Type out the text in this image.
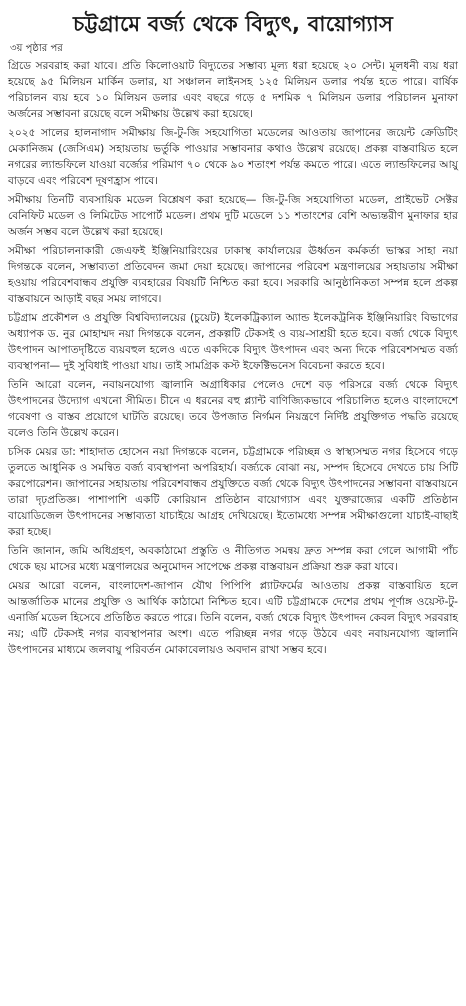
চট্টগ্রামে বর্জ্য থেকে বিদ্যুৎ, বায়োগ্যাস
৩য় পৃষ্ঠার পর

গ্রিডে সরবরাহ করা যাবে। প্রতি কিলোওয়াট বিদ্যুতের সম্ভাব্য মূল্য ধরা হয়েছে ২০ সেন্ট। মূলধনী ব্যয় ধরা হয়েছে ৯৫ মিলিয়ন মার্কিন ডলার, যা সঞ্চালন লাইনসহ ১২৫ মিলিয়ন ডলার পর্যন্ত হতে পারে। বার্ষিক পরিচালন ব্যয় হবে ১০ মিলিয়ন ডলার এবং বছরে গড়ে ৫ দশমিক ৭ মিলিয়ন ডলার পরিচালন মুনাফা অর্জনের সম্ভাবনা রয়েছে বলে সমীক্ষায় উল্লেখ করা হয়েছে।

২০২৫ সালের হালনাগাদ সমীক্ষায় জি-টু-জি সহযোগিতা মডেলের আওতায় জাপানের জয়েন্ট ক্রেডিটিং মেকানিজম (জেসিএম) সহায়তায় ভর্তুকি পাওয়ার সম্ভাবনার কথাও উল্লেখ রয়েছে। প্রকল্প বাস্তবায়িত হলে নগরের ল্যান্ডফিলে যাওয়া বর্জ্যের পরিমাণ ৭০ থেকে ৯০ শতাংশ পর্যন্ত কমতে পারে। এতে ল্যান্ডফিলের আয়ু বাড়বে এবং পরিবেশ দূষণহ্রাস পাবে।

সমীক্ষায় তিনটি ব্যবসায়িক মডেল বিশ্লেষণ করা হয়েছে— জি-টু-জি সহযোগিতা মডেল, প্রাইভেট সেক্টর বেনিফিট মডেল ও লিমিটেড সাপোর্ট মডেল। প্রথম দুটি মডেলে ১১ শতাংশের বেশি অভ্যন্তরীণ মুনাফার হার অর্জন সম্ভব বলে উল্লেখ করা হয়েছে।

সমীক্ষা পরিচালনাকারী জেএফই ইঞ্জিনিয়ারিংয়ের ঢাকাস্থ কার্যালয়ের ঊর্ধ্বতন কর্মকর্তা ভাস্কর সাহা নয়া দিগন্তকে বলেন, সম্ভাব্যতা প্রতিবেদন জমা দেয়া হয়েছে। জাপানের পরিবেশ মন্ত্রণালয়ের সহায়তায় সমীক্ষা হওয়ায় পরিবেশবান্ধব প্রযুক্তি ব্যবহারের বিষয়টি নিশ্চিত করা হবে। সরকারি আনুষ্ঠানিকতা সম্পন্ন হলে প্রকল্প বাস্তবায়নে আড়াই বছর সময় লাগবে।

চট্টগ্রাম প্রকৌশল ও প্রযুক্তি বিশ্ববিদ্যালয়ের (চুয়েট) ইলেকট্রিক্যাল অ্যান্ড ইলেকট্রনিক ইঞ্জিনিয়ারিং বিভাগের অধ্যাপক ড. নুর মোহাম্মদ নয়া দিগন্তকে বলেন, প্রকল্পটি টেকসই ও ব্যয়-সাশ্রয়ী হতে হবে। বর্জ্য থেকে বিদ্যুৎ উৎপাদন আপাতদৃষ্টিতে ব্যয়বহুল হলেও এতে একদিকে বিদ্যুৎ উৎপাদন এবং অন্য দিকে পরিবেশসম্মত বর্জ্য ব্যবস্থাপনা— দুই সুবিধাই পাওয়া যায়। তাই সামগ্রিক কস্ট ইফেক্টিভনেস বিবেচনা করতে হবে।

তিনি আরো বলেন, নবায়নযোগ্য জ্বালানি অগ্রাধিকার পেলেও দেশে বড় পরিসরে বর্জ্য থেকে বিদ্যুৎ উৎপাদনের উদ্যোগ এখনো সীমিত। চীনে এ ধরনের বহু প্ল্যান্ট বাণিজ্যিকভাবে পরিচালিত হলেও বাংলাদেশে গবেষণা ও বাস্তব প্রয়োগে ঘাটতি রয়েছে। তবে উপজাত নির্গমন নিয়ন্ত্রণে নির্দিষ্ট প্রযুক্তিগত পদ্ধতি রয়েছে বলেও তিনি উল্লেখ করেন।

চসিক মেয়র ডা: শাহাদাত হোসেন নয়া দিগন্তকে বলেন, চট্টগ্রামকে পরিচ্ছন্ন ও স্বাস্থ্যসম্মত নগর হিসেবে গড়ে তুলতে আধুনিক ও সমন্বিত বর্জ্য ব্যবস্থাপনা অপরিহার্য। বর্জ্যকে বোঝা নয়, সম্পদ হিসেবে দেখতে চায় সিটি করপোরেশন। জাপানের সহায়তায় পরিবেশবান্ধব প্রযুক্তিতে বর্জ্য থেকে বিদ্যুৎ উৎপাদনের সম্ভাবনা বাস্তবায়নে তারা দৃঢ়প্রতিজ্ঞ। পাশাপাশি একটি কোরিয়ান প্রতিষ্ঠান বায়োগ্যাস এবং যুক্তরাজ্যের একটি প্রতিষ্ঠান বায়োডিজেল উৎপাদনের সম্ভাব্যতা যাচাইয়ে আগ্রহ দেখিয়েছে। ইতোমধ্যে সম্পন্ন সমীক্ষাগুলো যাচাই-বাছাই করা হচ্ছে।

তিনি জানান, জমি অধিগ্রহণ, অবকাঠামো প্রস্তুতি ও নীতিগত সমন্বয় দ্রুত সম্পন্ন করা গেলে আগামী পাঁচ থেকে ছয় মাসের মধ্যে মন্ত্রণালয়ের অনুমোদন সাপেক্ষে প্রকল্প বাস্তবায়ন প্রক্রিয়া শুরু করা যাবে।

মেয়র আরো বলেন, বাংলাদেশ-জাপান যৌথ পিপিপি প্ল্যাটফর্মের আওতায় প্রকল্প বাস্তবায়িত হলে আন্তর্জাতিক মানের প্রযুক্তি ও আর্থিক কাঠামো নিশ্চিত হবে। এটি চট্টগ্রামকে দেশের প্রথম পূর্ণাঙ্গ ওয়েস্ট-টু-এনার্জি মডেল হিসেবে প্রতিষ্ঠিত করতে পারে। তিনি বলেন, বর্জ্য থেকে বিদ্যুৎ উৎপাদন কেবল বিদ্যুৎ সরবরাহ নয়; এটি টেকসই নগর ব্যবস্থাপনার অংশ। এতে পরিচ্ছন্ন নগর গড়ে উঠবে এবং নবায়নযোগ্য জ্বালানি উৎপাদনের মাধ্যমে জলবায়ু পরিবর্তন মোকাবেলায়ও অবদান রাখা সম্ভব হবে।
